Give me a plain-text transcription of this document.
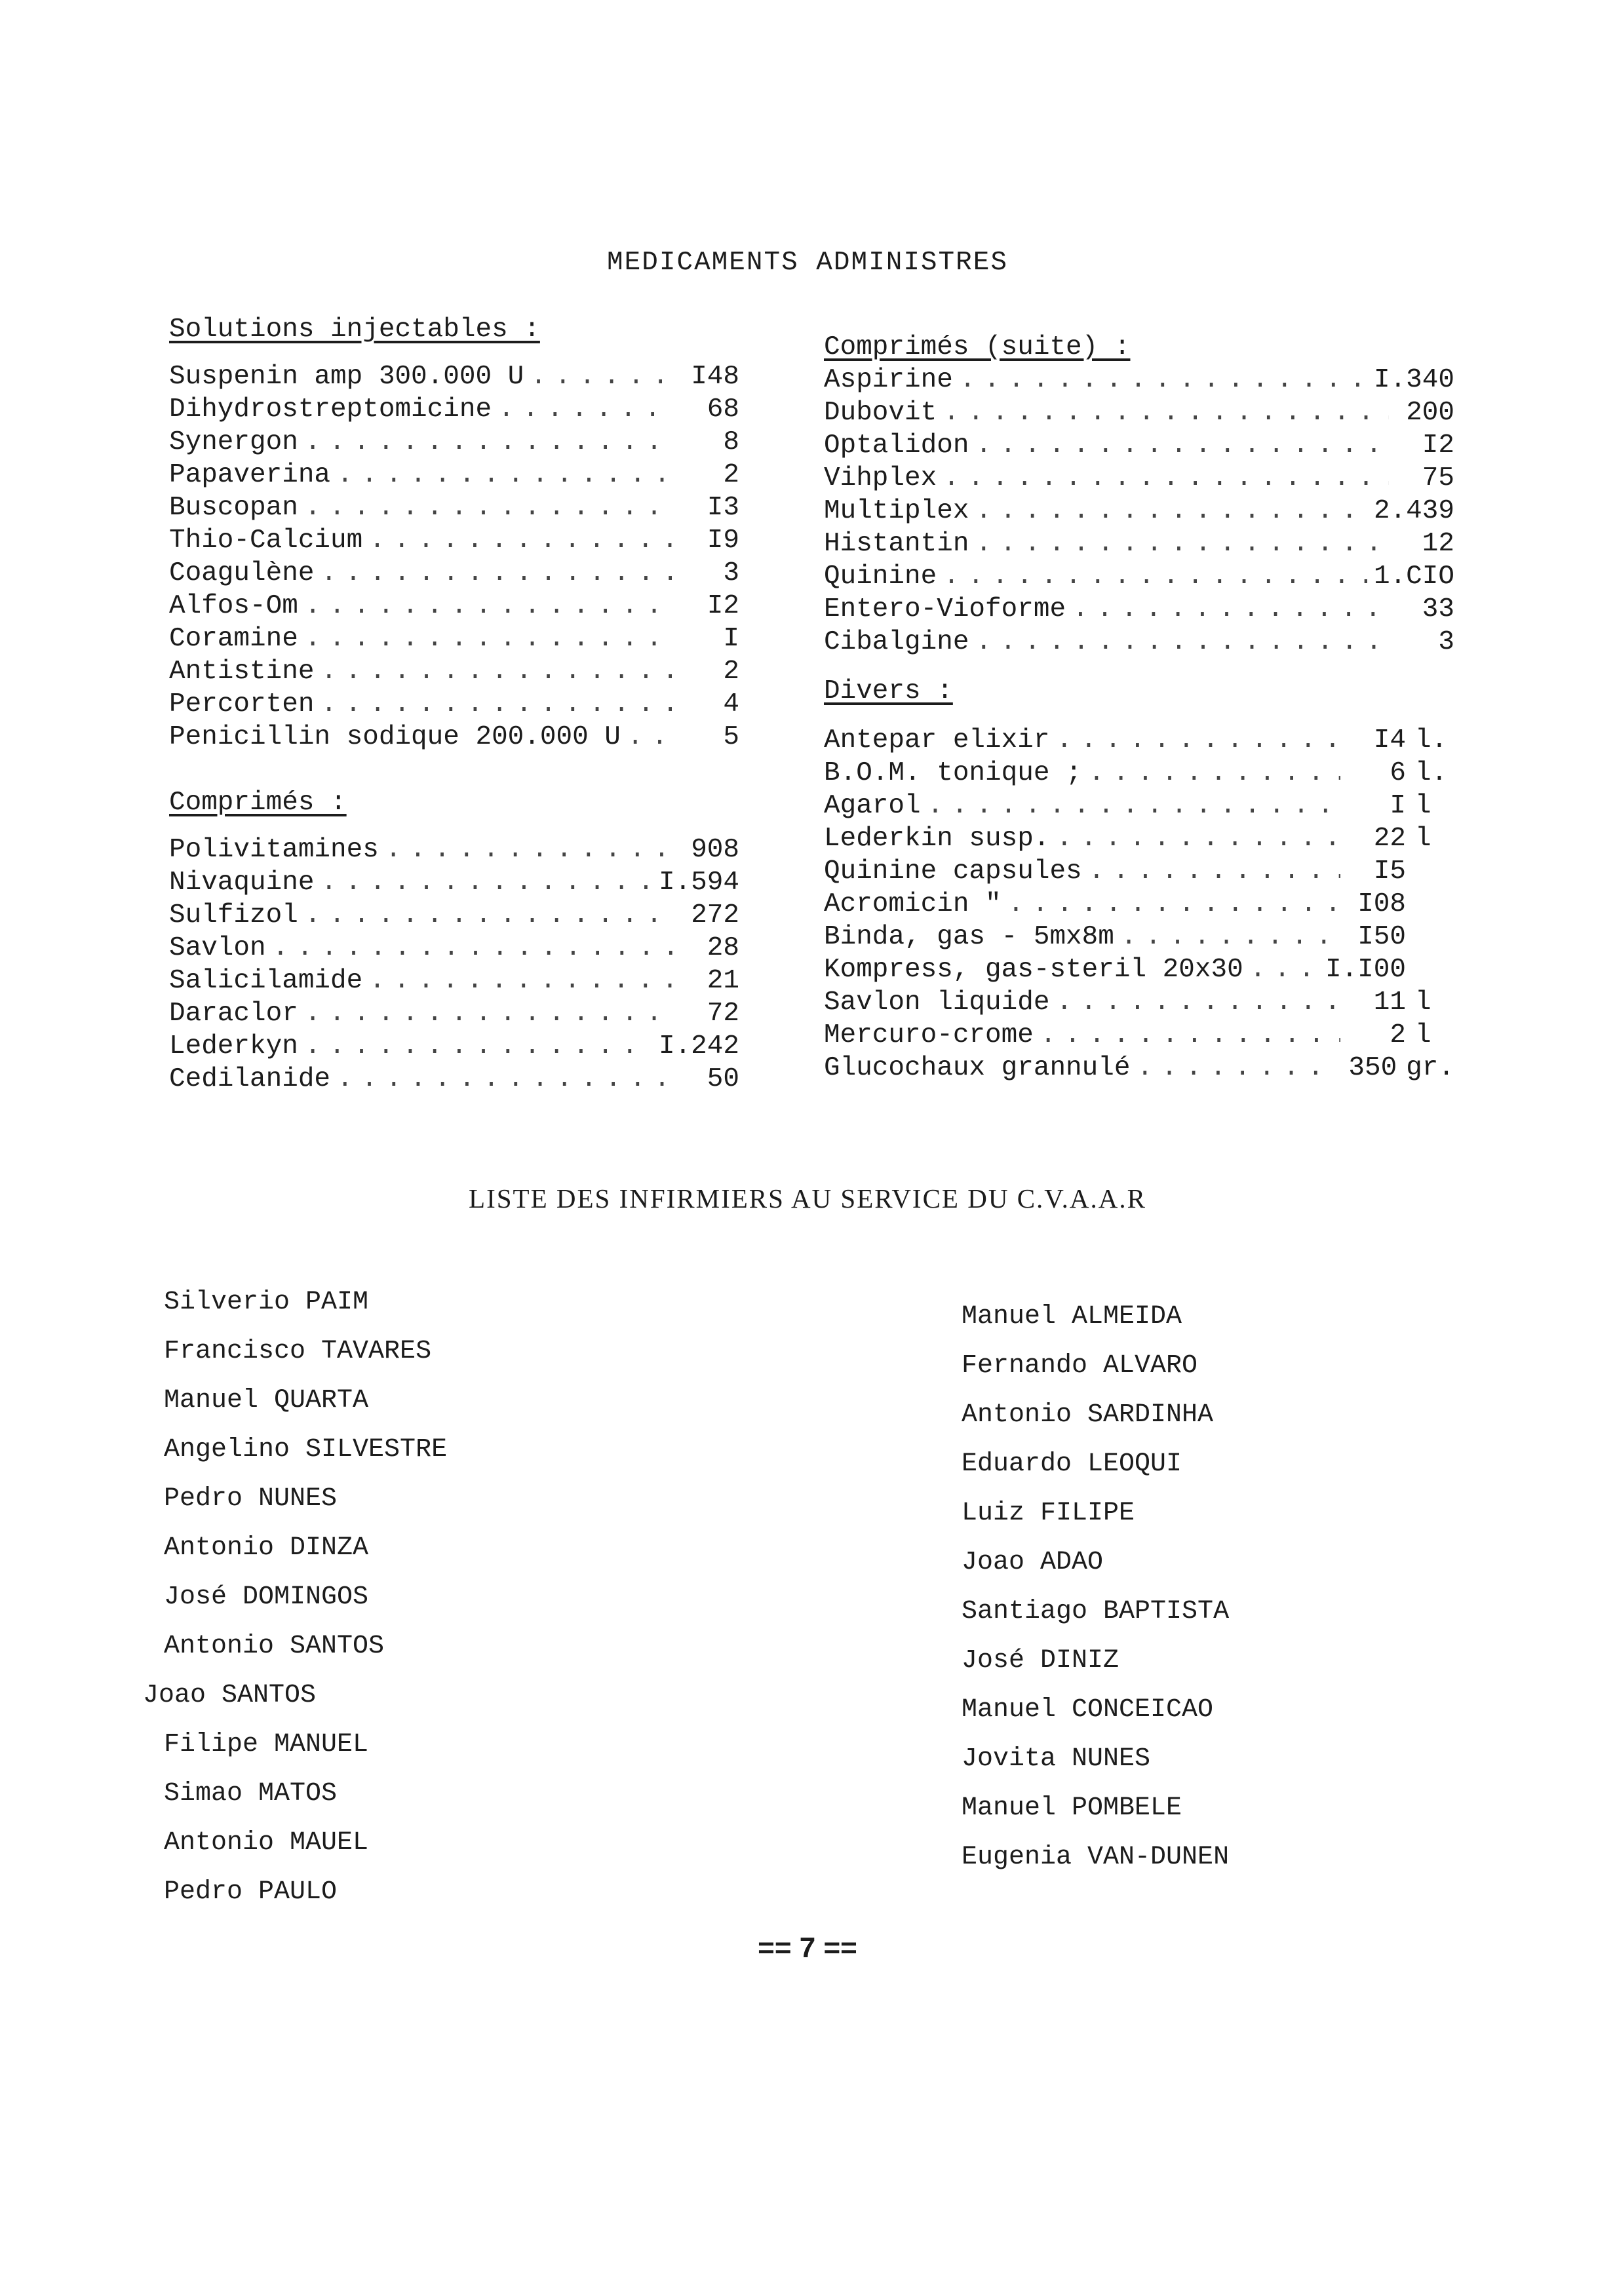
MEDICAMENTS ADMINISTRES
Solutions injectables :
Suspenin amp 300.000 U . . .	I48
Dihydrostreptomicine . . .	68
Synergon . . .	8
Papaverina . . .	2
Buscopan . . .	I3
Thio-Calcium . . .	I9
Coagulène . . .	3
Alfos-Om . . .	I2
Coramine . . .	I
Antistine . . .	2
Percorten . . .	4
Penicillin sodique 200.000 U . . .	5
Comprimés :
Polivitamines . . .	908
Nivaquine . . .	I.594
Sulfizol . . .	272
Savlon . . .	28
Salicilamide . . .	21
Daraclor . . .	72
Lederkyn . . .	I.242
Cedilanide . . .	50
Comprimés (suite) :
Aspirine . . .	I.340
Dubovit . . .	200
Optalidon . . .	I2
Vihplex . . .	75
Multiplex . . .	2.439
Histantin . . .	12
Quinine . . .	1.CIO
Entero-Vioforme . . .	33
Cibalgine . . .	3
Divers :
Antepar elixir . . .	I4 l.
B.O.M. tonique ; . . .	6 l.
Agarol . . .	I l
Lederkin susp. . . .	22 l
Quinine capsules . . .	I5
Acromicin " . . .	I08
Binda, gas - 5mx8m . . .	I50
Kompress, gas-steril 20x30 . . .	I.I00
Savlon liquide . . .	11 l
Mercuro-crome . . .	2 l
Glucochaux grannulé . . .	350 gr.
LISTE DES INFIRMIERS AU SERVICE DU C.V.A.A.R
Silverio PAIM
Francisco TAVARES
Manuel QUARTA
Angelino SILVESTRE
Pedro NUNES
Antonio DINZA
José DOMINGOS
Antonio SANTOS
Joao SANTOS
Filipe MANUEL
Simao MATOS
Antonio MAUEL
Pedro PAULO
Manuel ALMEIDA
Fernando ALVARO
Antonio SARDINHA
Eduardo LEOQUI
Luiz FILIPE
Joao ADAO
Santiago BAPTISTA
José DINIZ
Manuel CONCEICAO
Jovita NUNES
Manuel POMBELE
Eugenia VAN-DUNEN
== 7 ==
